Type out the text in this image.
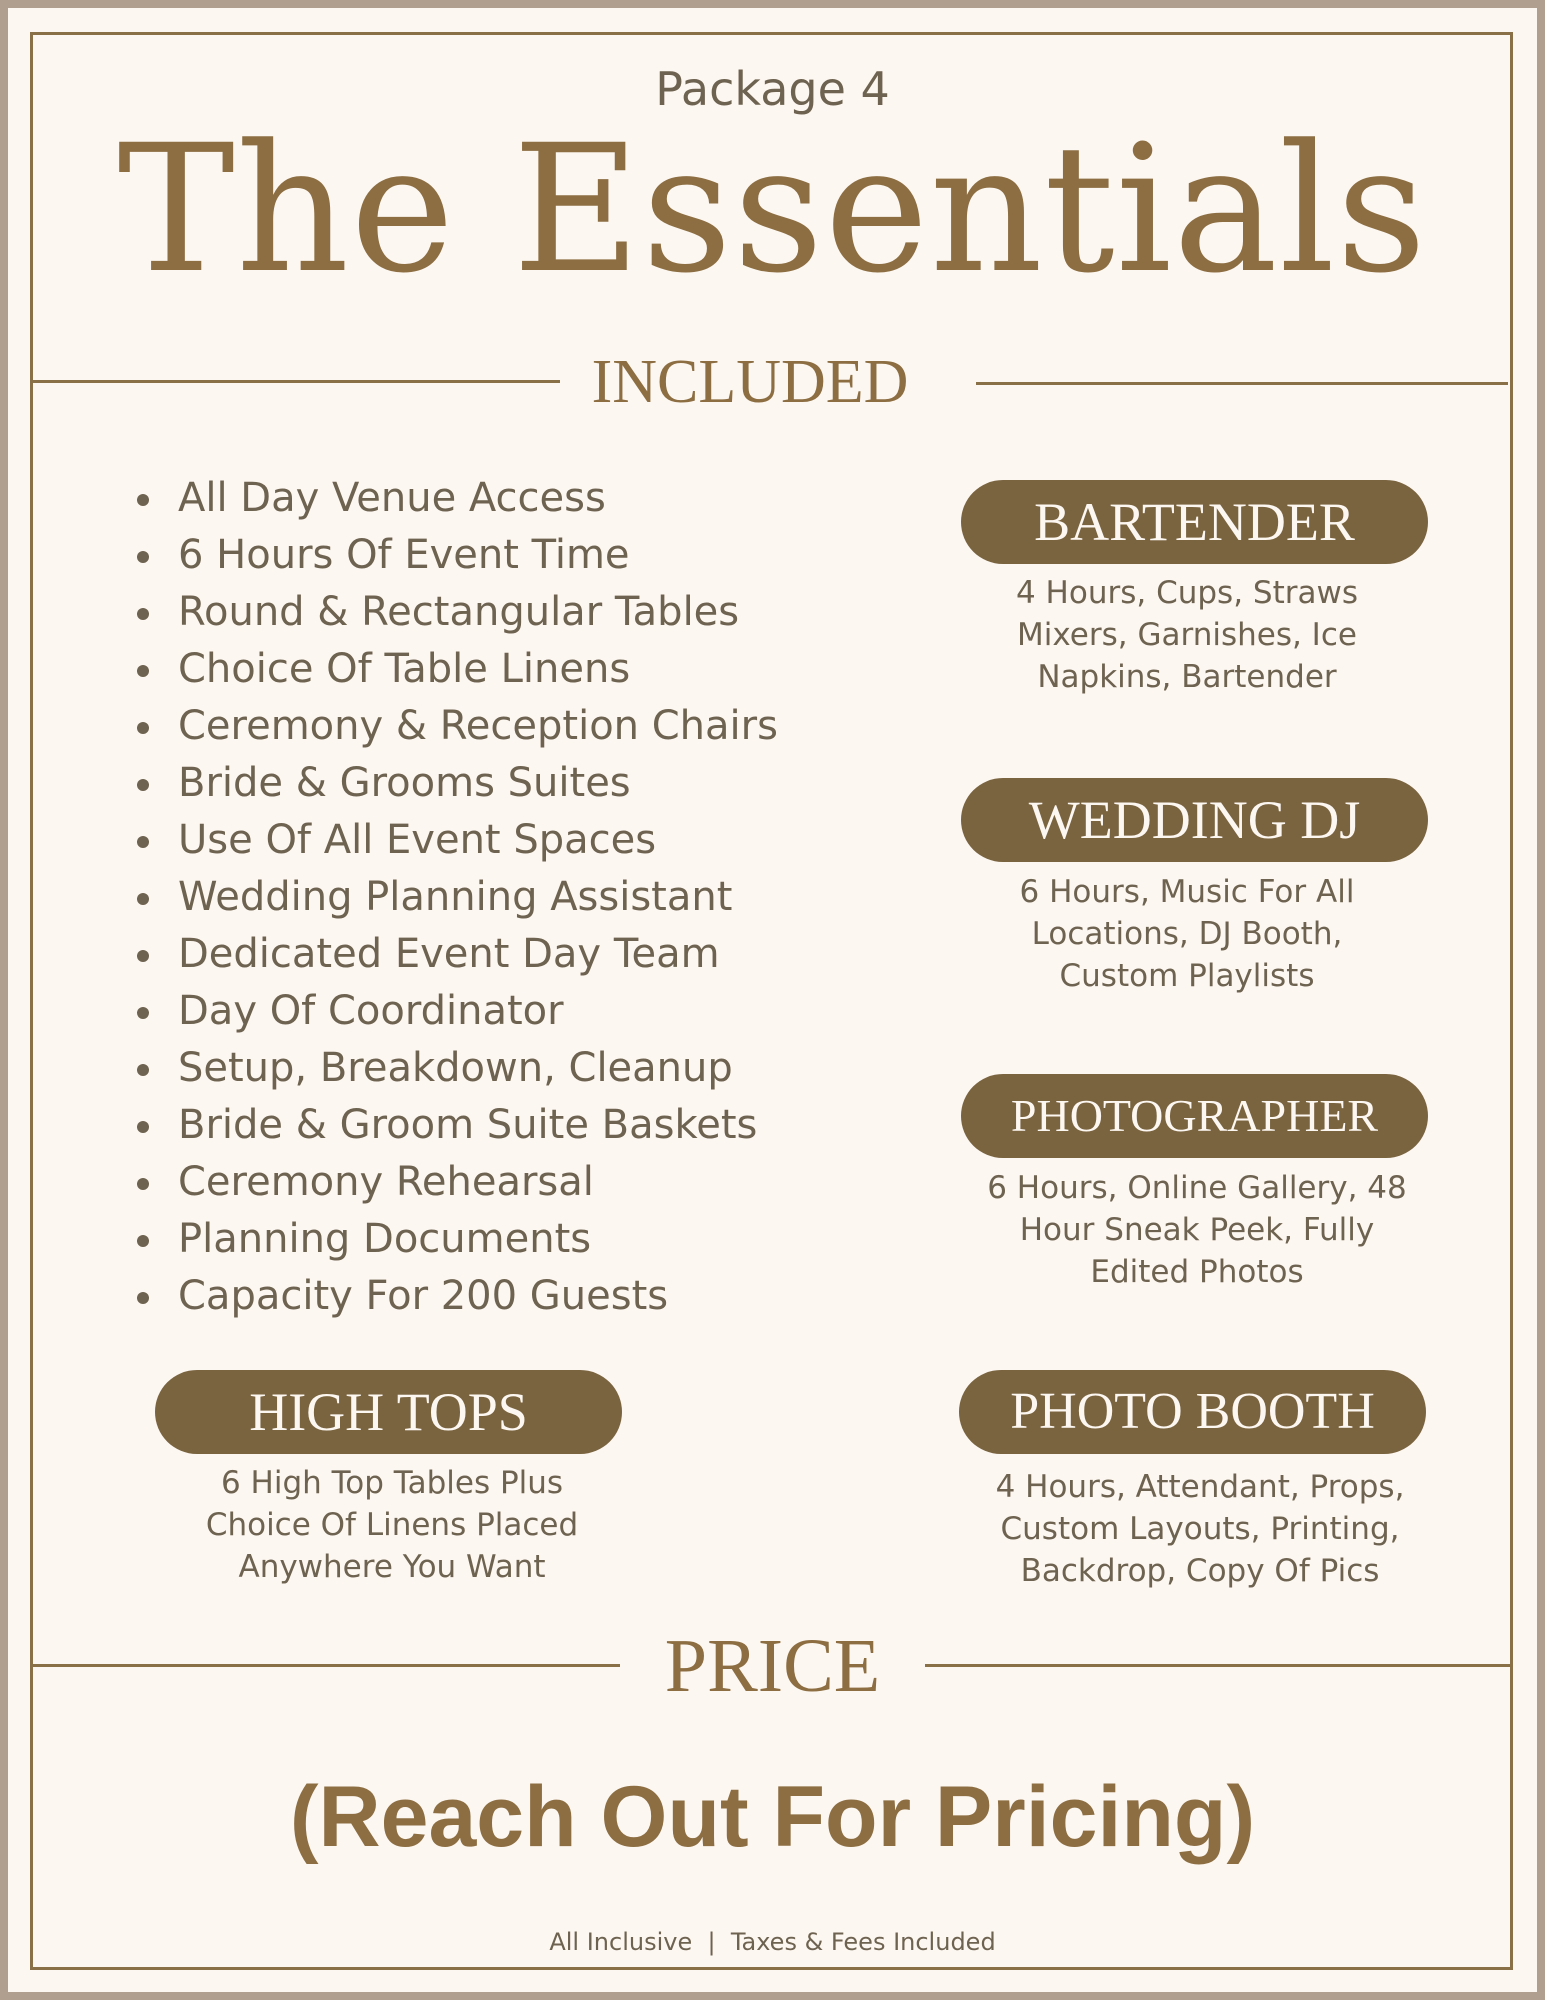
Package 4
The Essentials
INCLUDED
All Day Venue Access
6 Hours Of Event Time
Round & Rectangular Tables
Choice Of Table Linens
Ceremony & Reception Chairs
Bride & Grooms Suites
Use Of All Event Spaces
Wedding Planning Assistant
Dedicated Event Day Team
Day Of Coordinator
Setup, Breakdown, Cleanup
Bride & Groom Suite Baskets
Ceremony Rehearsal
Planning Documents
Capacity For 200 Guests
BARTENDER
4 Hours, Cups, Straws
Mixers, Garnishes, Ice
Napkins, Bartender
WEDDING DJ
6 Hours, Music For All
Locations, DJ Booth,
Custom Playlists
PHOTOGRAPHER
6 Hours, Online Gallery, 48
Hour Sneak Peek, Fully
Edited Photos
PHOTO BOOTH
4 Hours, Attendant, Props,
Custom Layouts, Printing,
Backdrop, Copy Of Pics
HIGH TOPS
6 High Top Tables Plus
Choice Of Linens Placed
Anywhere You Want
PRICE
(Reach Out For Pricing)
All Inclusive  |  Taxes & Fees Included
